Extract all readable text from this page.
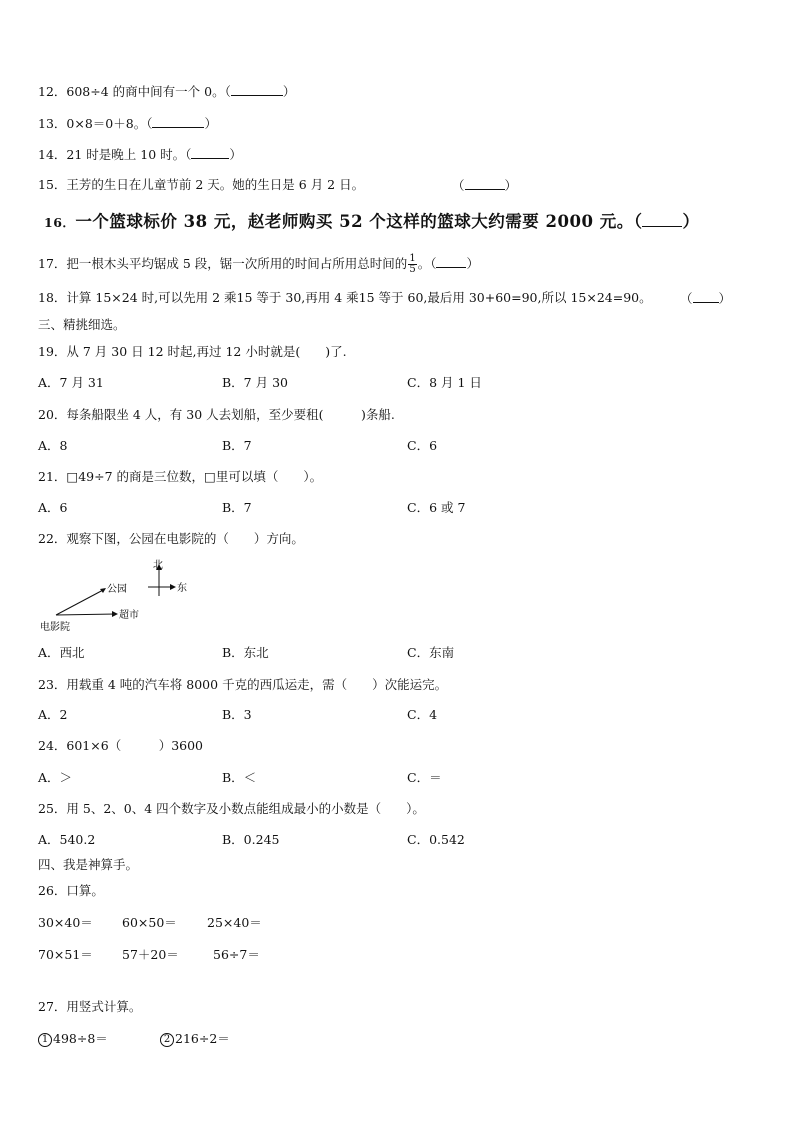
12．608÷4 的商中间有一个 0。（	）
13．0×8＝0＋8。（	）
14．21 时是晚上 10 时。（	）
15．王芳的生日在儿童节前 2 天。她的生日是 6 月 2 日。	（	）
16．一个篮球标价 38 元，赵老师购买 52 个这样的篮球大约需要 2000 元。（ ）
17．把一根木头平均锯成 5 段，锯一次所用的时间占所用总时间的 $\frac{1}{5}$ 。（ ）
18．计算 15×24 时,可以先用 2 乘15 等于 30,再用 4 乘15 等于 60,最后用 30+60=90,所以 15×24=90。 （ ）
三、精挑细选。
19．从 7 月 30 日 12 时起,再过 12 小时就是(　　)了.
A．7 月 31	B．7 月 30	C．8 月 1 日
20．每条船限坐 4 人，有 30 人去划船，至少要租(　　　)条船.
A．8	B．7	C．6
21．□49÷7 的商是三位数，□里可以填（　　）。
A．6	B．7	C．6 或 7
22．观察下图，公园在电影院的（　　）方向。
北
东
公园
超市
电影院
A．西北	B．东北	C．东南
23．用载重 4 吨的汽车将 8000 千克的西瓜运走，需（　　）次能运完。
A．2	B．3	C．4
24．601×6（　　　）3600
A．＞	B．＜	C．＝
25．用 5、2、0、4 四个数字及小数点能组成最小的小数是（　　）。
A．540.2	B．0.245	C．0.542
四、我是神算手。
26．口算。
30×40＝ 60×50＝ 25×40＝
70×51＝ 57＋20＝	56÷7＝
27．用竖式计算。
1 498÷8＝	2 216÷2＝
